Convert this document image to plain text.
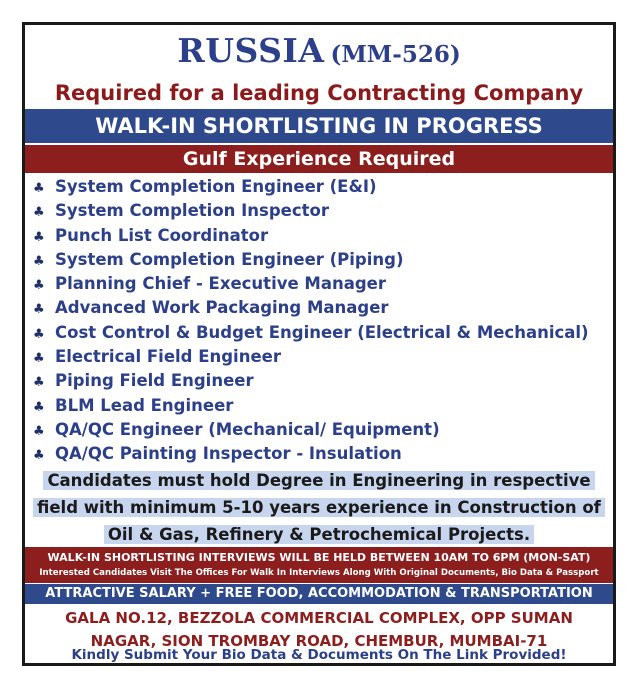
RUSSIA (MM-526)
Required for a leading Contracting Company
WALK-IN SHORTLISTING IN PROGRESS
Gulf Experience Required
♣ System Completion Engineer (E&I)
♣ System Completion Inspector
♣ Punch List Coordinator
♣ System Completion Engineer (Piping)
♣ Planning Chief - Executive Manager
♣ Advanced Work Packaging Manager
♣ Cost Control & Budget Engineer (Electrical & Mechanical)
♣ Electrical Field Engineer
♣ Piping Field Engineer
♣ BLM Lead Engineer
♣ QA/QC Engineer (Mechanical/ Equipment)
♣ QA/QC Painting Inspector - Insulation
Candidates must hold Degree in Engineering in respective
field with minimum 5-10 years experience in Construction of
Oil & Gas, Refinery & Petrochemical Projects.
WALK-IN SHORTLISTING INTERVIEWS WILL BE HELD BETWEEN 10AM TO 6PM (MON-SAT)
Interested Candidates Visit The Offices For Walk In Interviews Along With Original Documents, Bio Data & Passport
ATTRACTIVE SALARY + FREE FOOD, ACCOMMODATION & TRANSPORTATION
GALA NO.12, BEZZOLA COMMERCIAL COMPLEX, OPP SUMAN
NAGAR, SION TROMBAY ROAD, CHEMBUR, MUMBAI-71
Kindly Submit Your Bio Data & Documents On The Link Provided!
